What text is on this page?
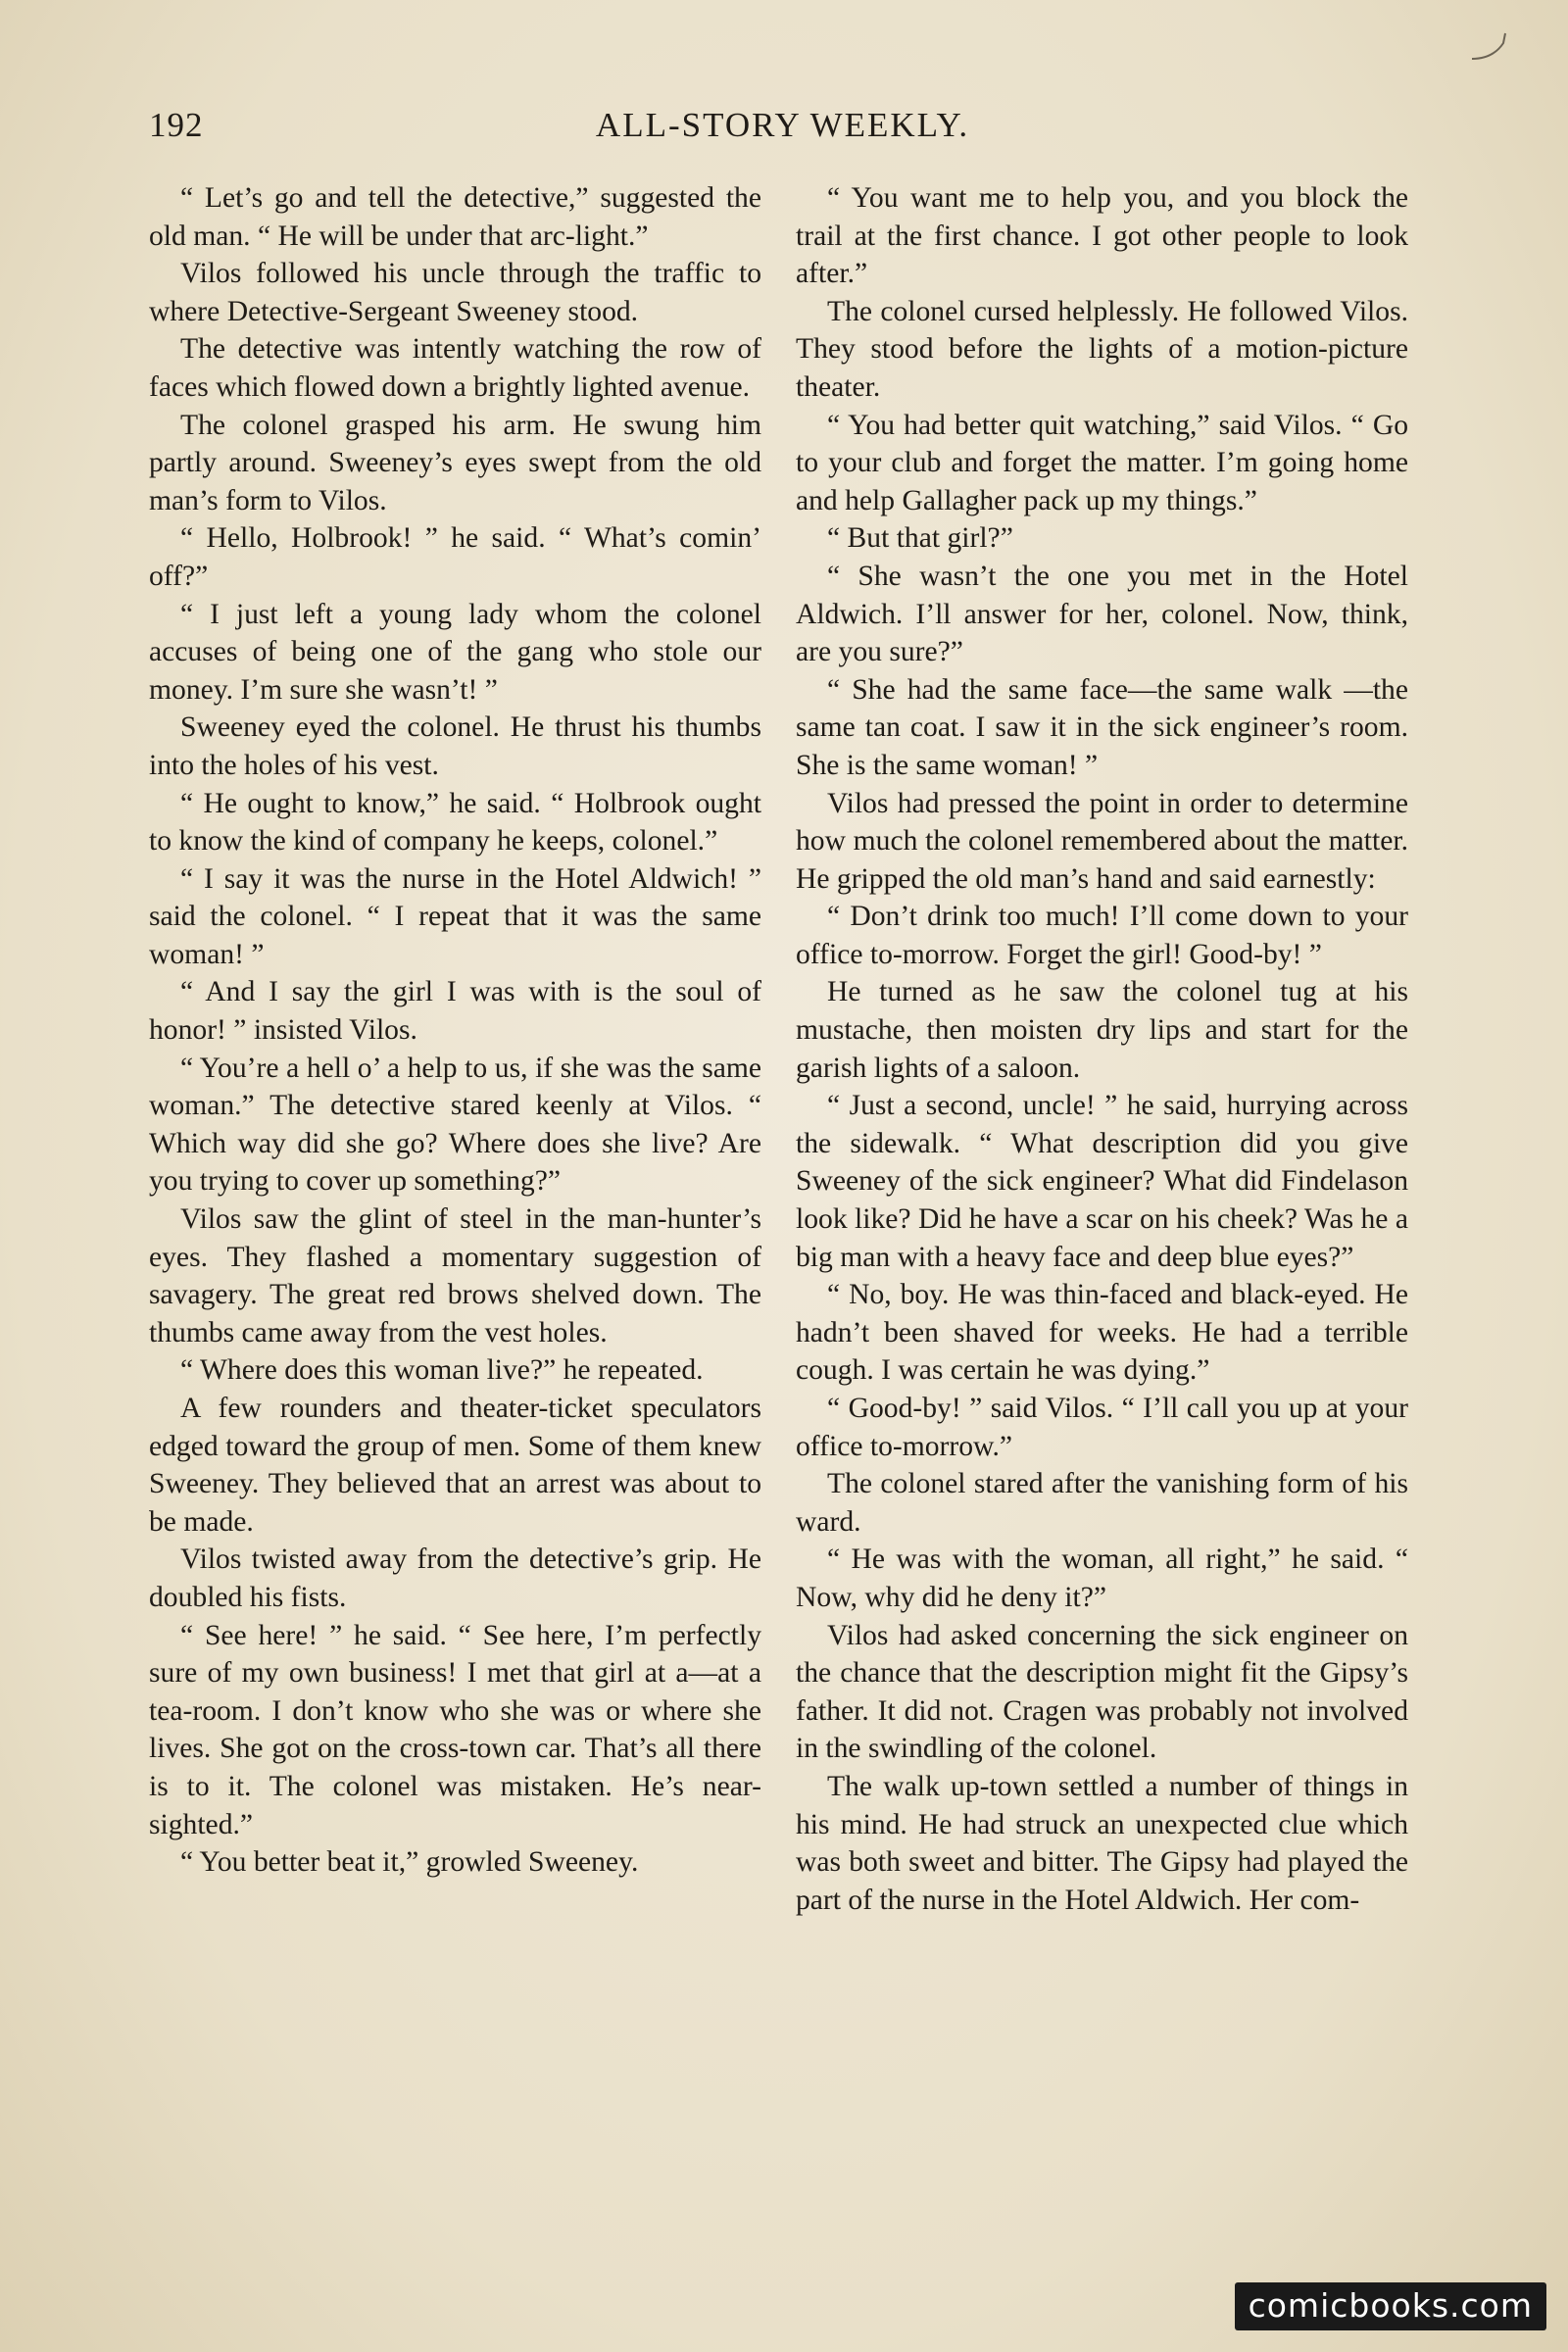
192	ALL-STORY WEEKLY.

“ Let’s go and tell the detective,” suggested the old man. “ He will be under that arc-light.”

Vilos followed his uncle through the traffic to where Detective-Sergeant Sweeney stood.

The detective was intently watching the row of faces which flowed down a brightly lighted avenue.

The colonel grasped his arm. He swung him partly around. Sweeney’s eyes swept from the old man’s form to Vilos.

“ Hello, Holbrook! ” he said. “ What’s comin’ off?”

“ I just left a young lady whom the colonel accuses of being one of the gang who stole our money. I’m sure she wasn’t! ”

Sweeney eyed the colonel. He thrust his thumbs into the holes of his vest.

“ He ought to know,” he said. “ Holbrook ought to know the kind of company he keeps, colonel.”

“ I say it was the nurse in the Hotel Aldwich! ” said the colonel. “ I repeat that it was the same woman! ”

“ And I say the girl I was with is the soul of honor! ” insisted Vilos.

“ You’re a hell o’ a help to us, if she was the same woman.” The detective stared keenly at Vilos. “ Which way did she go? Where does she live? Are you trying to cover up something?”

Vilos saw the glint of steel in the man-hunter’s eyes. They flashed a momentary suggestion of savagery. The great red brows shelved down. The thumbs came away from the vest holes.

“ Where does this woman live?” he repeated.

A few rounders and theater-ticket speculators edged toward the group of men. Some of them knew Sweeney. They believed that an arrest was about to be made.

Vilos twisted away from the detective’s grip. He doubled his fists.

“ See here! ” he said. “ See here, I’m perfectly sure of my own business! I met that girl at a—at a tea-room. I don’t know who she was or where she lives. She got on the cross-town car. That’s all there is to it. The colonel was mistaken. He’s near-sighted.”

“ You better beat it,” growled Sweeney.

“ You want me to help you, and you block the trail at the first chance. I got other people to look after.”

The colonel cursed helplessly. He followed Vilos. They stood before the lights of a motion-picture theater.

“ You had better quit watching,” said Vilos. “ Go to your club and forget the matter. I’m going home and help Gallagher pack up my things.”

“ But that girl?”

“ She wasn’t the one you met in the Hotel Aldwich. I’ll answer for her, colonel. Now, think, are you sure?”

“ She had the same face—the same walk —the same tan coat. I saw it in the sick engineer’s room. She is the same woman! ”

Vilos had pressed the point in order to determine how much the colonel remembered about the matter. He gripped the old man’s hand and said earnestly:

“ Don’t drink too much! I’ll come down to your office to-morrow. Forget the girl! Good-by! ”

He turned as he saw the colonel tug at his mustache, then moisten dry lips and start for the garish lights of a saloon.

“ Just a second, uncle! ” he said, hurrying across the sidewalk. “ What description did you give Sweeney of the sick engineer? What did Findelason look like? Did he have a scar on his cheek? Was he a big man with a heavy face and deep blue eyes?”

“ No, boy. He was thin-faced and black-eyed. He hadn’t been shaved for weeks. He had a terrible cough. I was certain he was dying.”

“ Good-by! ” said Vilos. “ I’ll call you up at your office to-morrow.”

The colonel stared after the vanishing form of his ward.

“ He was with the woman, all right,” he said. “ Now, why did he deny it?”

Vilos had asked concerning the sick engineer on the chance that the description might fit the Gipsy’s father. It did not. Cragen was probably not involved in the swindling of the colonel.

The walk up-town settled a number of things in his mind. He had struck an unexpected clue which was both sweet and bitter. The Gipsy had played the part of the nurse in the Hotel Aldwich. Her com-

comicbooks.com
